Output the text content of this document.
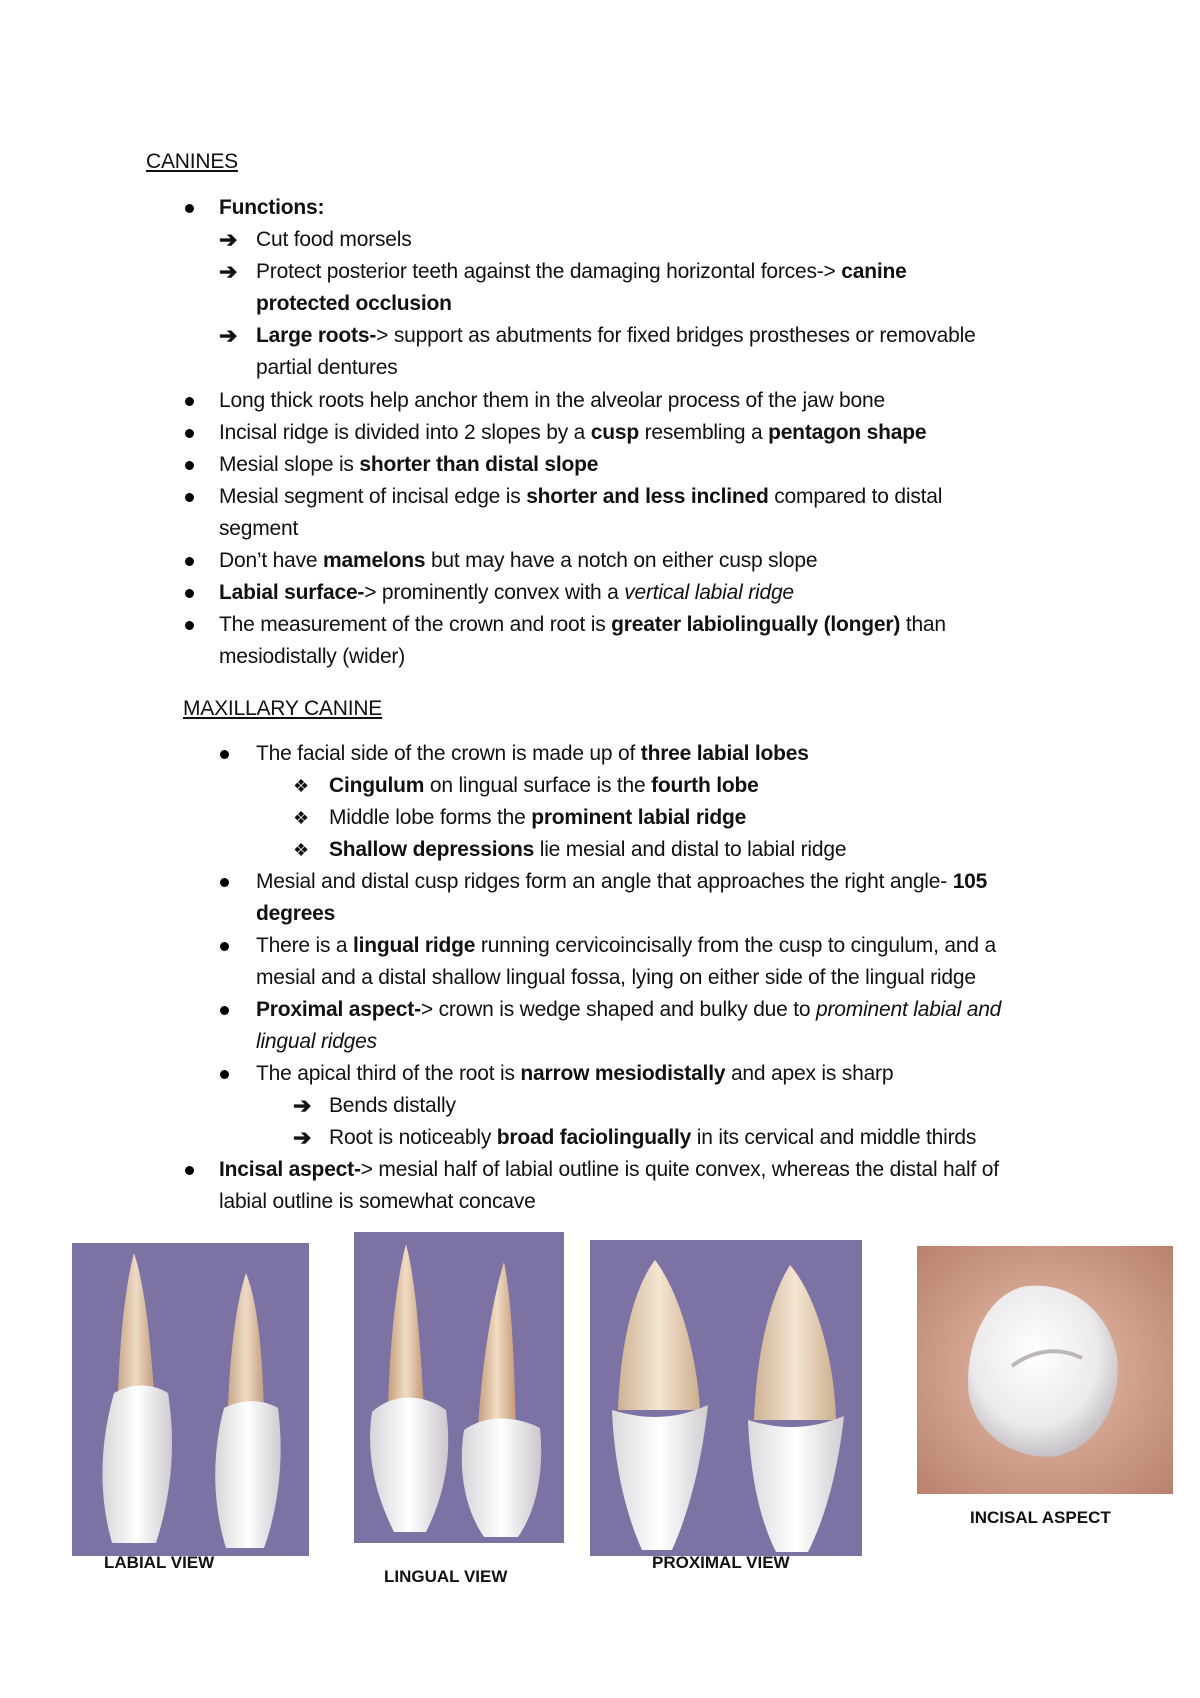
CANINES
Functions:
➔ Cut food morsels
➔ Protect posterior teeth against the damaging horizontal forces-> canine
protected occlusion
➔ Large roots-> support as abutments for fixed bridges prostheses or removable
partial dentures
Long thick roots help anchor them in the alveolar process of the jaw bone
Incisal ridge is divided into 2 slopes by a cusp resembling a pentagon shape
Mesial slope is shorter than distal slope
Mesial segment of incisal edge is shorter and less inclined compared to distal
segment
Don’t have mamelons but may have a notch on either cusp slope
Labial surface-> prominently convex with a vertical labial ridge
The measurement of the crown and root is greater labiolingually (longer) than
mesiodistally (wider)
MAXILLARY CANINE
The facial side of the crown is made up of three labial lobes
❖ Cingulum on lingual surface is the fourth lobe
❖ Middle lobe forms the prominent labial ridge
❖ Shallow depressions lie mesial and distal to labial ridge
Mesial and distal cusp ridges form an angle that approaches the right angle- 105
degrees
There is a lingual ridge running cervicoincisally from the cusp to cingulum, and a
mesial and a distal shallow lingual fossa, lying on either side of the lingual ridge
Proximal aspect-> crown is wedge shaped and bulky due to prominent labial and
lingual ridges
The apical third of the root is narrow mesiodistally and apex is sharp
➔ Bends distally
➔ Root is noticeably broad faciolingually in its cervical and middle thirds
Incisal aspect-> mesial half of labial outline is quite convex, whereas the distal half of
labial outline is somewhat concave
LABIAL VIEW
LINGUAL VIEW
PROXIMAL VIEW
INCISAL ASPECT
